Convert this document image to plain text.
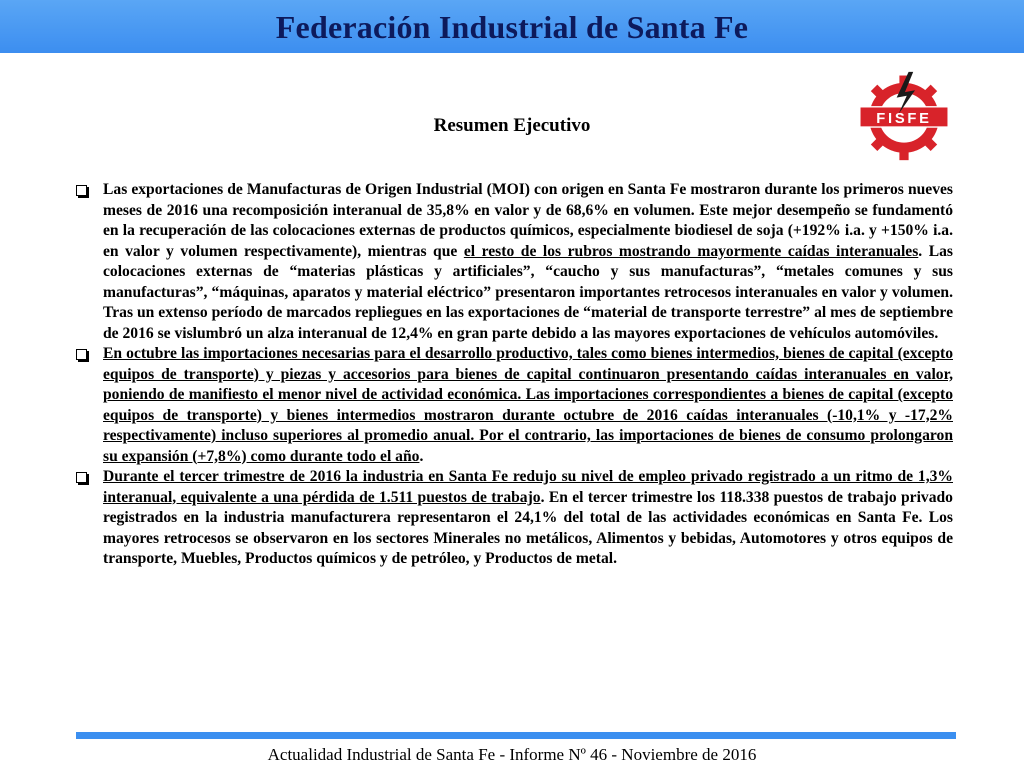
Federación Industrial de Santa Fe
FISFE
Resumen Ejecutivo
Las exportaciones de Manufacturas de Origen Industrial (MOI) con origen en Santa Fe mostraron durante los primeros nueves meses de 2016 una recomposición interanual de 35,8% en valor y de 68,6% en volumen. Este mejor desempeño se fundamentó en la recuperación de las colocaciones externas de productos químicos, especialmente biodiesel de soja (+192% i.a. y +150% i.a. en valor y volumen respectivamente), mientras que el resto de los rubros mostrando mayormente caídas interanuales. Las colocaciones externas de “materias plásticas y artificiales”, “caucho y sus manufacturas”, “metales comunes y sus manufacturas”, “máquinas, aparatos y material eléctrico” presentaron importantes retrocesos interanuales en valor y volumen. Tras un extenso período de marcados repliegues en las exportaciones de “material de transporte terrestre” al mes de septiembre de 2016 se vislumbró un alza interanual de 12,4% en gran parte debido a las mayores exportaciones de vehículos automóviles.
En octubre las importaciones necesarias para el desarrollo productivo, tales como bienes intermedios, bienes de capital (excepto equipos de transporte) y piezas y accesorios para bienes de capital continuaron presentando caídas interanuales en valor, poniendo de manifiesto el menor nivel de actividad económica. Las importaciones correspondientes a bienes de capital (excepto equipos de transporte) y bienes intermedios mostraron durante octubre de 2016 caídas interanuales (-10,1% y -17,2% respectivamente) incluso superiores al promedio anual. Por el contrario, las importaciones de bienes de consumo prolongaron su expansión (+7,8%) como durante todo el año.
Durante el tercer trimestre de 2016 la industria en Santa Fe redujo su nivel de empleo privado registrado a un ritmo de 1,3% interanual, equivalente a una pérdida de 1.511 puestos de trabajo. En el tercer trimestre los 118.338 puestos de trabajo privado registrados en la industria manufacturera representaron el 24,1% del total de las actividades económicas en Santa Fe. Los mayores retrocesos se observaron en los sectores Minerales no metálicos, Alimentos y bebidas, Automotores y otros equipos de transporte, Muebles, Productos químicos y de petróleo, y Productos de metal.
Actualidad Industrial de Santa Fe - Informe Nº 46 - Noviembre de 2016
